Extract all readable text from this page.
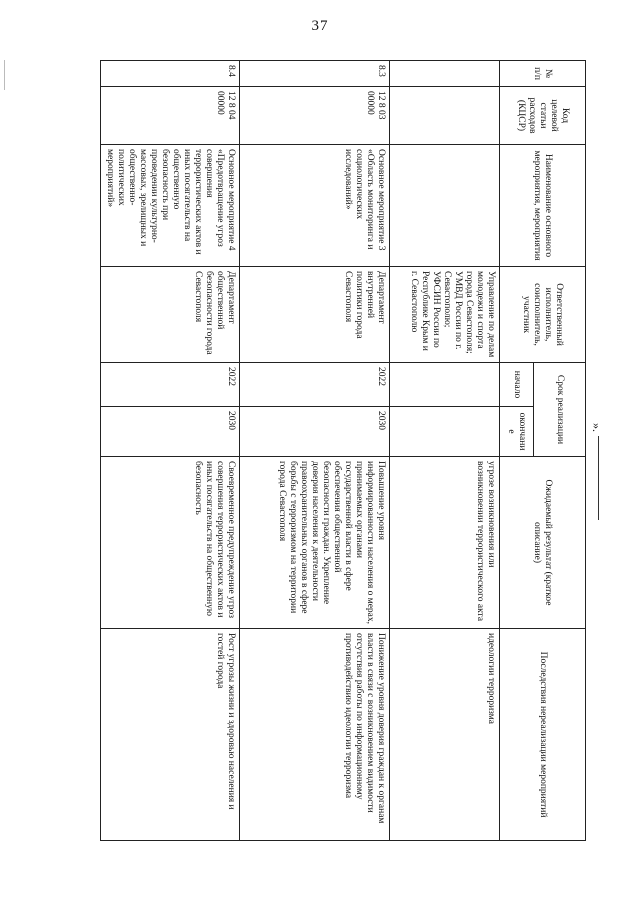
37
№ п/п	Код целевой статьи расходов (КЦСР)	Наименование основного мероприятия, мероприятия	Ответственный исполнитель, соисполнитель, участник	Срок реализации		Ожидаемый результат (краткое описание)	Последствия нереализации мероприятий
				начало	окончание		
			Управление по делам молодежи и спорта города Севастополя; УМВД России по г. Севастополю; УФСИН России по Республике Крым и г. Севастополю			угрозе возникновения или возникновении террористического акта	идеологии терроризма
8.3	12 8 03 00000	Основное мероприятие 3 «Область мониторинга и социологических исследований»	Департамент внутренней политики города Севастополя	2022	2030	Повышение уровня информированности населения о мерах, принимаемых органами государственной власти в сфере обеспечения общественной безопасности граждан. Укрепление доверия населения к деятельности правоохранительных органов в сфере борьбы с терроризмом на территории города Севастополя	Понижение уровня доверия граждан к органам власти в связи с возникновением видимости отсутствия работы по информационному противодействию идеологии терроризма
8.4	12 8 04 00000	Основное мероприятие 4 «Предотвращение угроз совершения террористических актов и иных посягательств на общественную безопасность при проведении культурно-массовых, зрелищных и общественно-политических мероприятий»	Департамент общественной безопасности города Севастополя	2022	2030	Своевременное предупреждение угроз совершения террористических актов и иных посягательств на общественную безопасность	Рост угрозы жизни и здоровью населения и гостей города
».
